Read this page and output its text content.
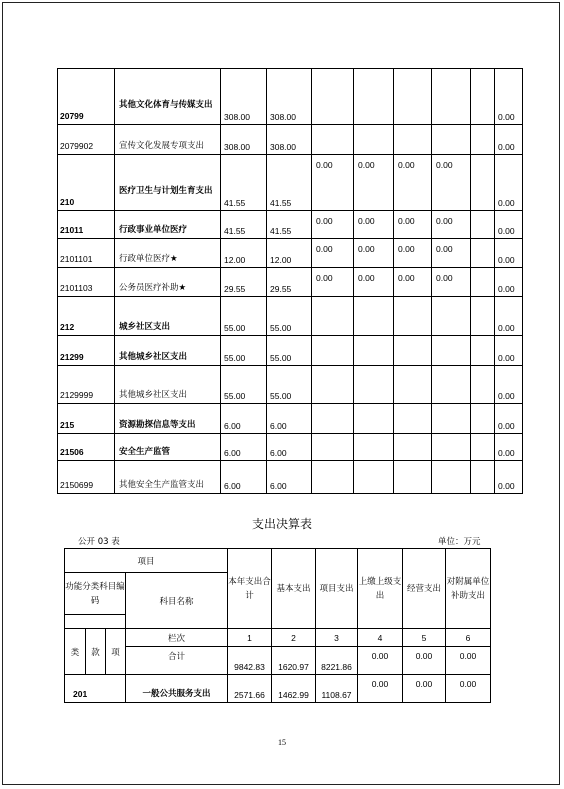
20799	其他文化体育与传媒支出	308.00	308.00						0.00
2079902	宣传文化发展专项支出	308.00	308.00						0.00
210	医疗卫生与计划生育支出	41.55	41.55	0.00	0.00	0.00	0.00		0.00
21011	行政事业单位医疗	41.55	41.55	0.00	0.00	0.00	0.00		0.00
2101101	行政单位医疗★	12.00	12.00	0.00	0.00	0.00	0.00		0.00
2101103	公务员医疗补助★	29.55	29.55	0.00	0.00	0.00	0.00		0.00
212	城乡社区支出	55.00	55.00						0.00
21299	其他城乡社区支出	55.00	55.00						0.00
2129999	其他城乡社区支出	55.00	55.00						0.00
215	资源勘探信息等支出	6.00	6.00						0.00
21506	安全生产监管	6.00	6.00						0.00
2150699	其他安全生产监管支出	6.00	6.00						0.00
支出决算表
公开 03 表	单位：万元
项目				本年支出合计	基本支出	项目支出	上缴上级支出	经营支出	对附属单位补助支出
功能分类科目编码			科目名称						

类	款	项	栏次	1	2	3	4	5	6
			合计	9842.83	1620.97	8221.86	0.00	0.00	0.00
201			一般公共服务支出	2571.66	1462.99	1108.67	0.00	0.00	0.00
15
